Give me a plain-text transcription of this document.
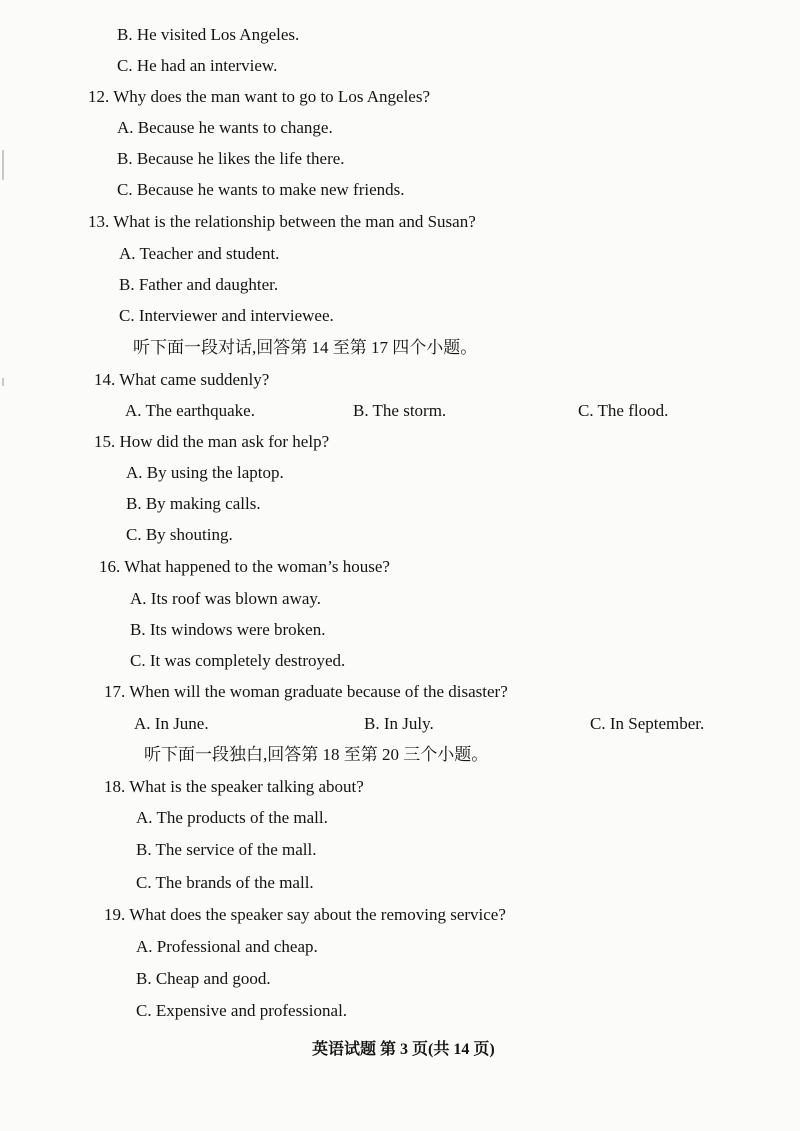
B. He visited Los Angeles.
C. He had an interview.
12. Why does the man want to go to Los Angeles?
A. Because he wants to change.
B. Because he likes the life there.
C. Because he wants to make new friends.
13. What is the relationship between the man and Susan?
A. Teacher and student.
B. Father and daughter.
C. Interviewer and interviewee.
听下面一段对话,回答第 14 至第 17 四个小题。
14. What came suddenly?
A. The earthquake.	B. The storm.	C. The flood.
15. How did the man ask for help?
A. By using the laptop.
B. By making calls.
C. By shouting.
16. What happened to the woman’s house?
A. Its roof was blown away.
B. Its windows were broken.
C. It was completely destroyed.
17. When will the woman graduate because of the disaster?
A. In June.	B. In July.	C. In September.
听下面一段独白,回答第 18 至第 20 三个小题。
18. What is the speaker talking about?
A. The products of the mall.
B. The service of the mall.
C. The brands of the mall.
19. What does the speaker say about the removing service?
A. Professional and cheap.
B. Cheap and good.
C. Expensive and professional.
英语试题 第 3 页(共 14 页)
